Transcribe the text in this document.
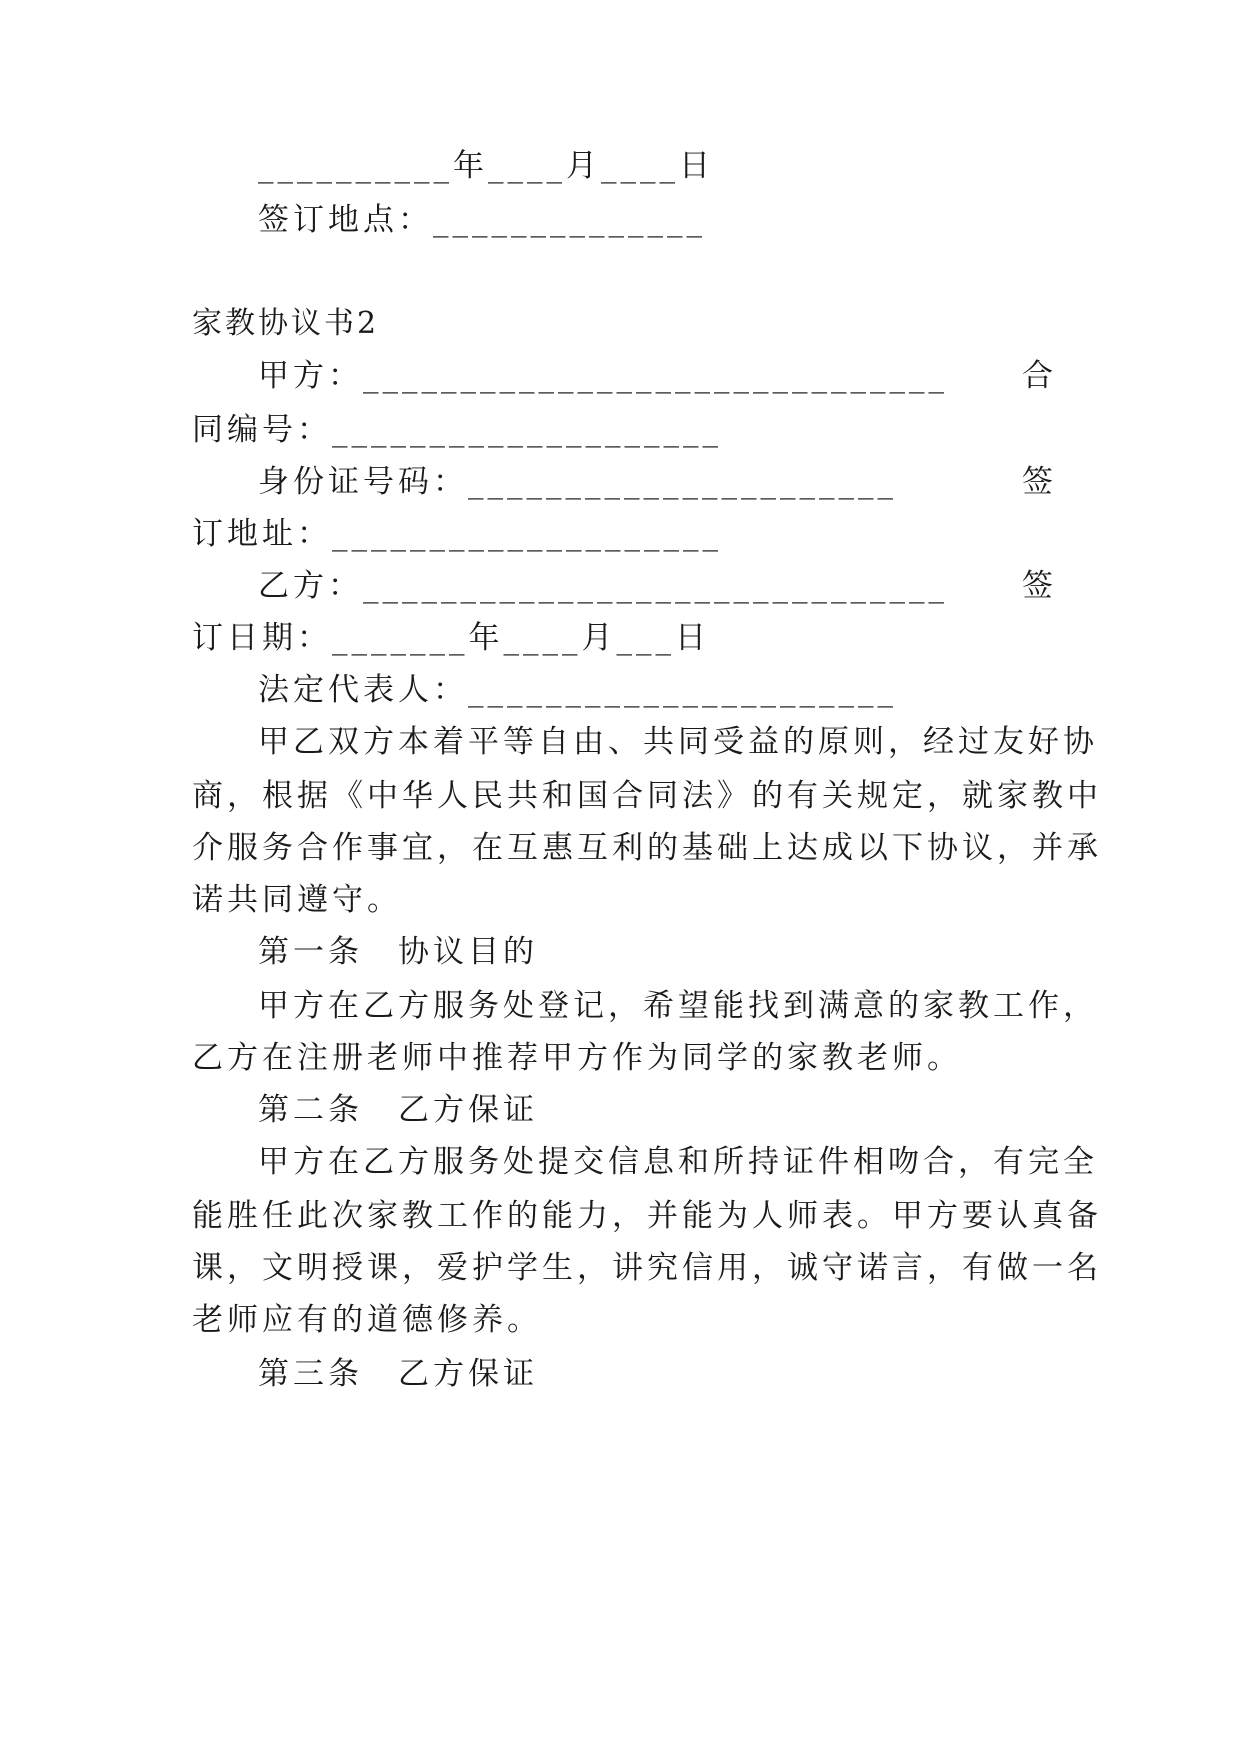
__________年____月____日
签订地点：______________
家教协议书2
甲方：______________________________ 合
同编号：____________________
身份证号码：______________________	签
订地址：____________________
乙方：______________________________ 签
订日期：_______年____月___日
法定代表人：______________________
甲乙双方本着平等自由、共同受益的原则，经过友好协
商，根据《中华人民共和国合同法》的有关规定，就家教中
介服务合作事宜，在互惠互利的基础上达成以下协议，并承
诺共同遵守。
第一条　协议目的
甲方在乙方服务处登记，希望能找到满意的家教工作，
乙方在注册老师中推荐甲方作为同学的家教老师。
第二条　乙方保证
甲方在乙方服务处提交信息和所持证件相吻合，有完全
能胜任此次家教工作的能力，并能为人师表。甲方要认真备
课，文明授课，爱护学生，讲究信用，诚守诺言，有做一名
老师应有的道德修养。
第三条　乙方保证
